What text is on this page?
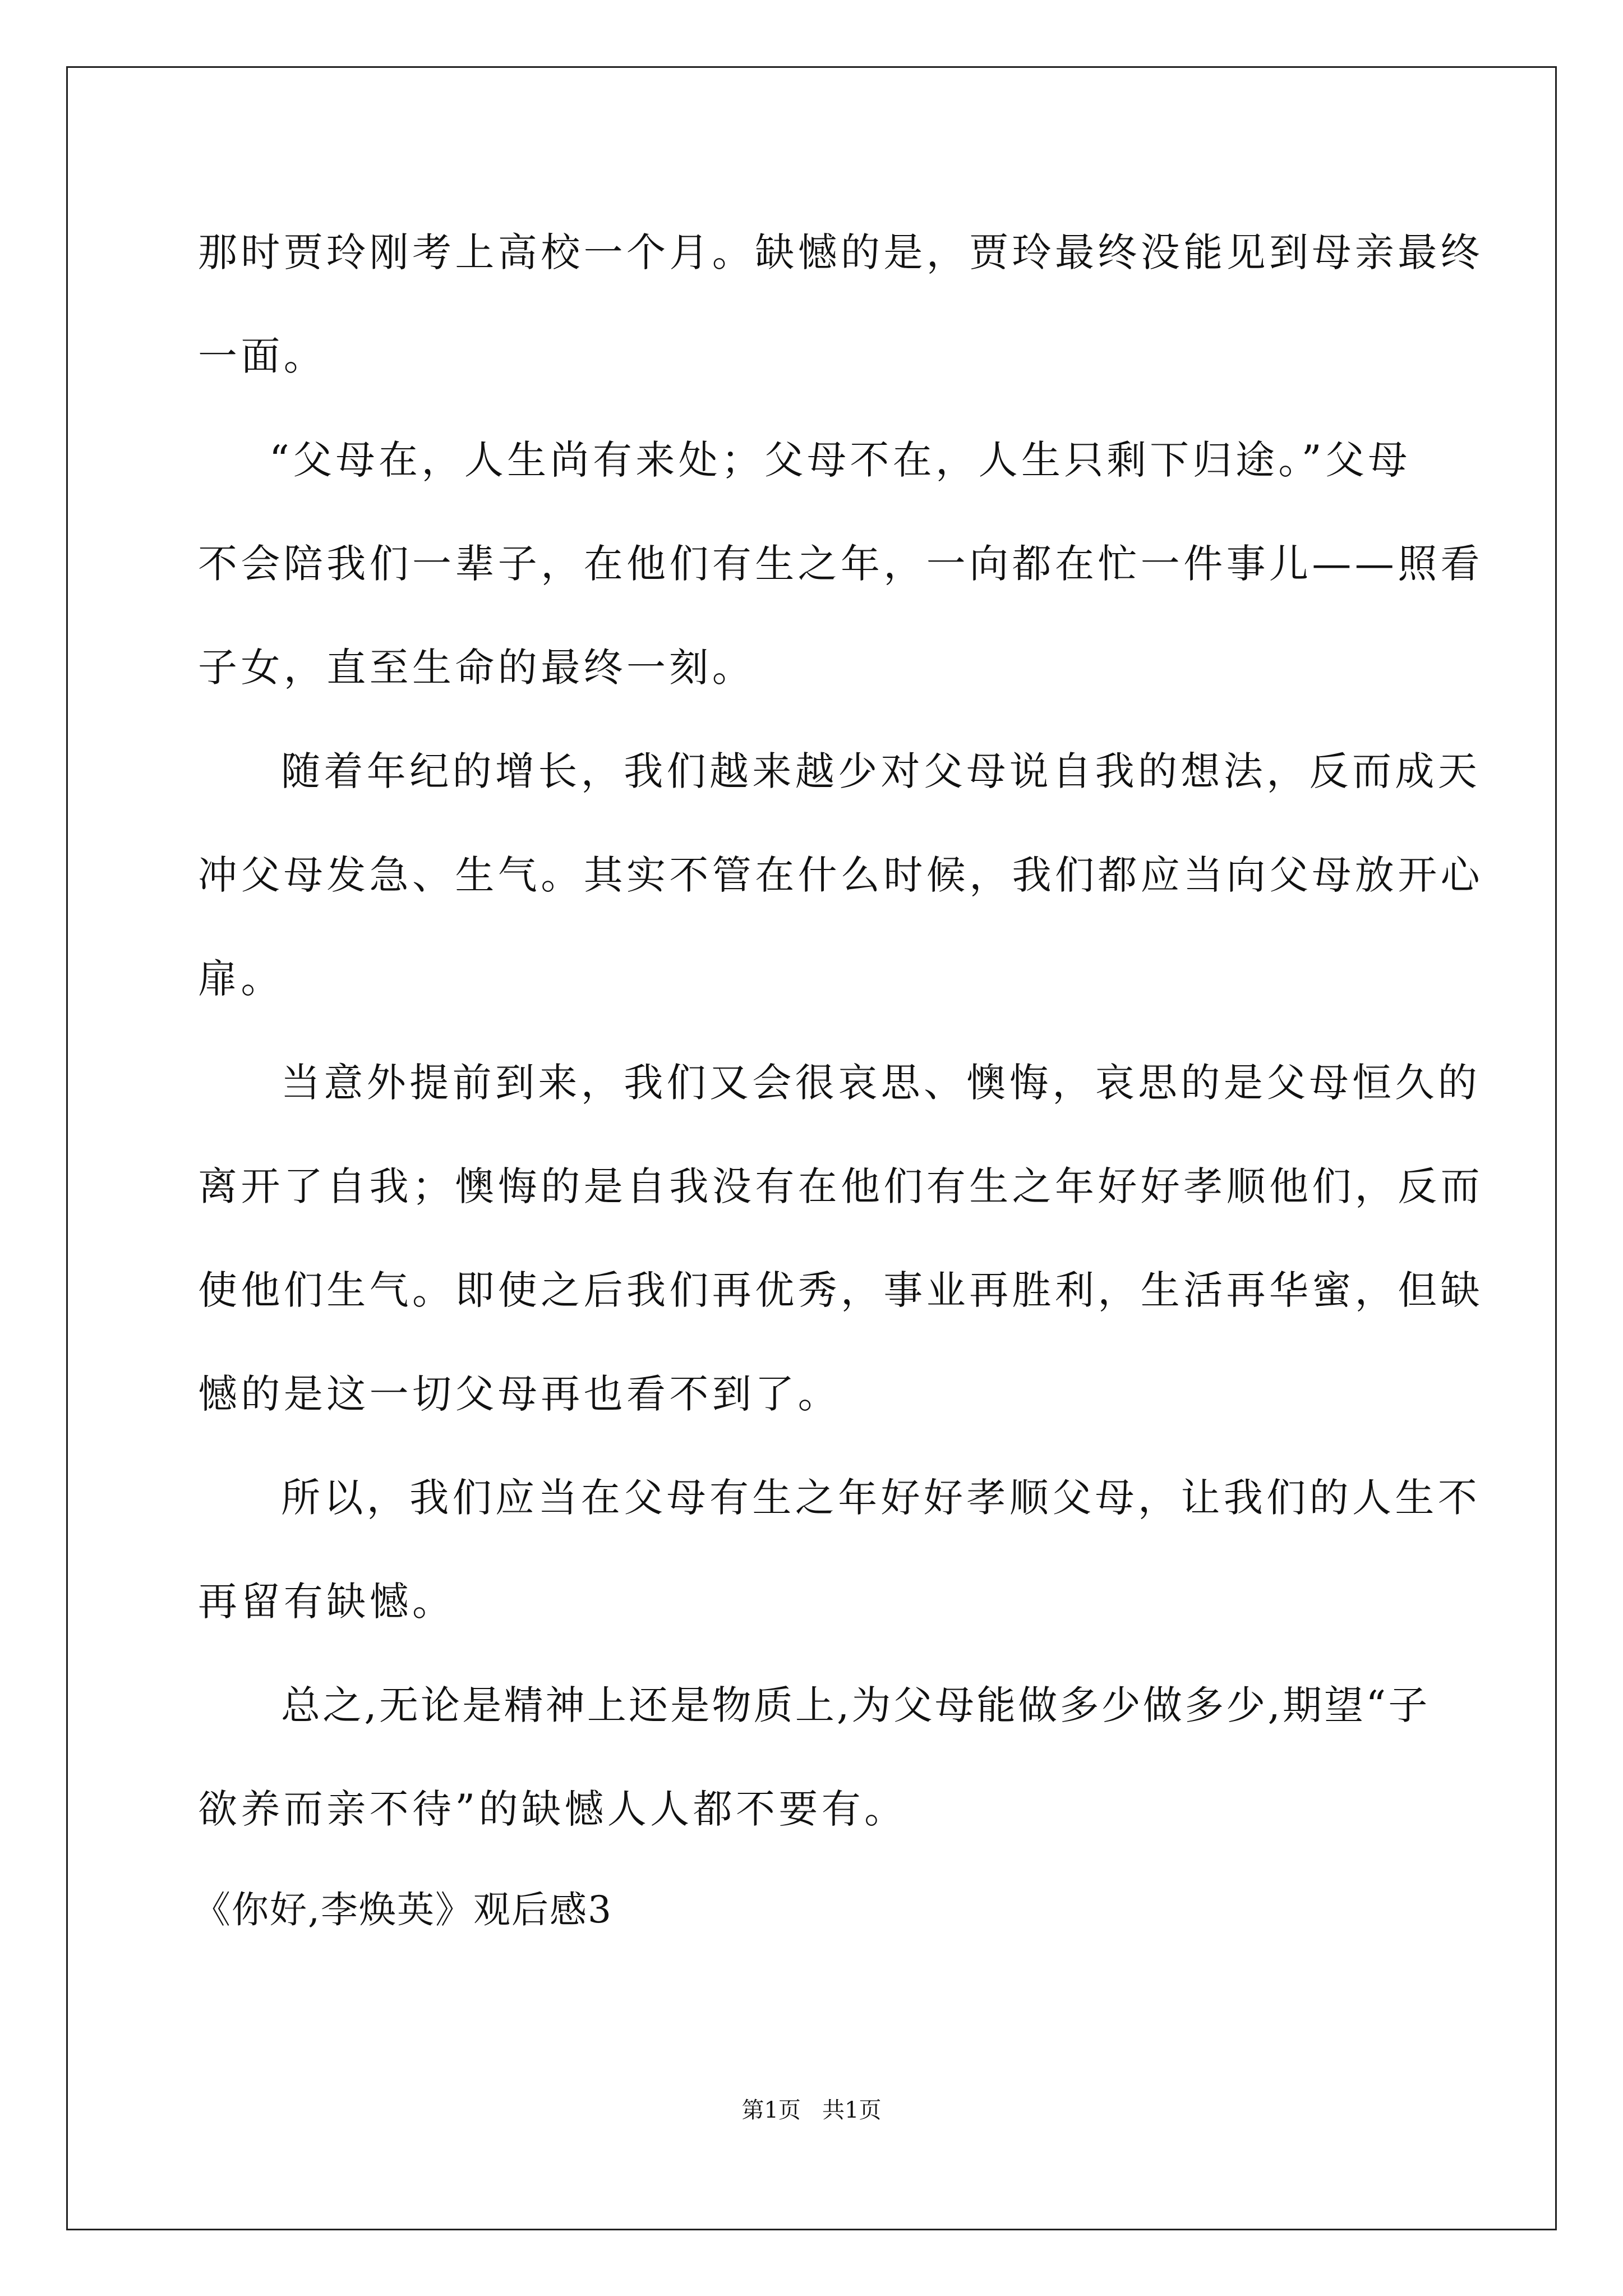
那时贾玲刚考上高校一个月。缺憾的是，贾玲最终没能见到母亲最终
一面。
“父母在，人生尚有来处；父母不在，人生只剩下归途。”父母
不会陪我们一辈子，在他们有生之年，一向都在忙一件事儿——照看
子女，直至生命的最终一刻。
随着年纪的增长，我们越来越少对父母说自我的想法，反而成天
冲父母发急、生气。其实不管在什么时候，我们都应当向父母放开心
扉。
当意外提前到来，我们又会很哀思、懊悔，哀思的是父母恒久的
离开了自我；懊悔的是自我没有在他们有生之年好好孝顺他们，反而
使他们生气。即使之后我们再优秀，事业再胜利，生活再华蜜，但缺
憾的是这一切父母再也看不到了。
所以，我们应当在父母有生之年好好孝顺父母，让我们的人生不
再留有缺憾。
总之,无论是精神上还是物质上,为父母能做多少做多少,期望“子
欲养而亲不待”的缺憾人人都不要有。
《你好,李焕英》观后感3
第1页   共1页
